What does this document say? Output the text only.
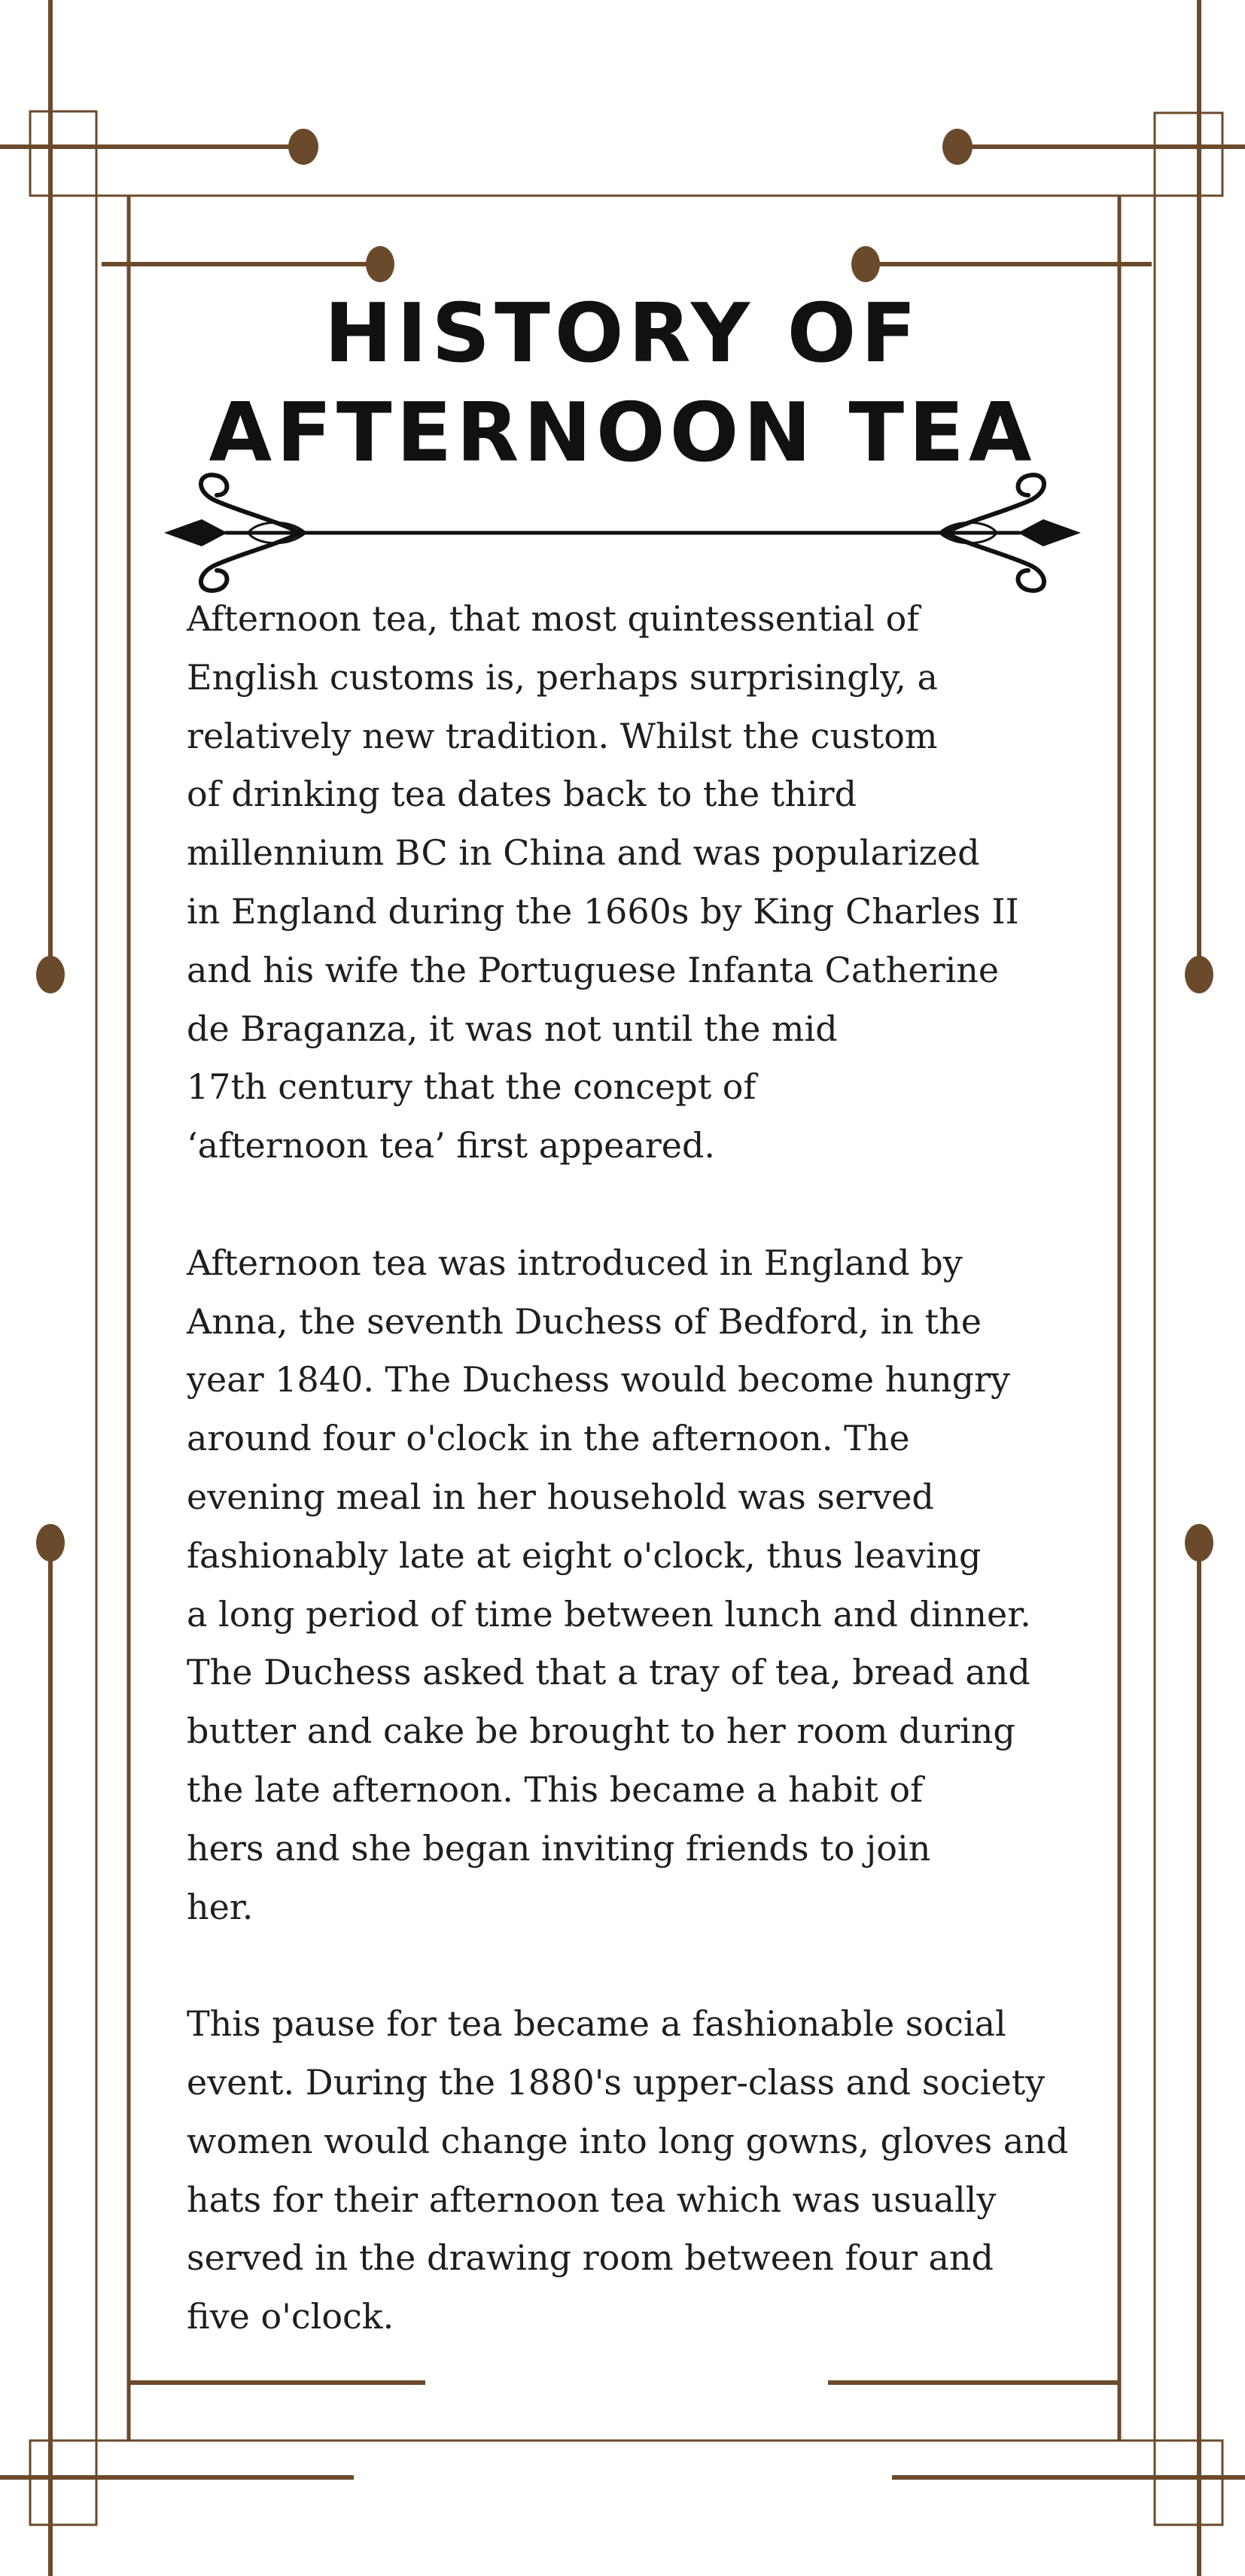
HISTORY OF
AFTERNOON TEA

Afternoon tea, that most quintessential of
English customs is, perhaps surprisingly, a
relatively new tradition. Whilst the custom
of drinking tea dates back to the third
millennium BC in China and was popularized
in England during the 1660s by King Charles II
and his wife the Portuguese Infanta Catherine
de Braganza, it was not until the mid
17th century that the concept of
‘afternoon tea’ first appeared.

Afternoon tea was introduced in England by
Anna, the seventh Duchess of Bedford, in the
year 1840. The Duchess would become hungry
around four o'clock in the afternoon. The
evening meal in her household was served
fashionably late at eight o'clock, thus leaving
a long period of time between lunch and dinner.
The Duchess asked that a tray of tea, bread and
butter and cake be brought to her room during
the late afternoon. This became a habit of
hers and she began inviting friends to join
her.

This pause for tea became a fashionable social
event. During the 1880's upper-class and society
women would change into long gowns, gloves and
hats for their afternoon tea which was usually
served in the drawing room between four and
five o'clock.
